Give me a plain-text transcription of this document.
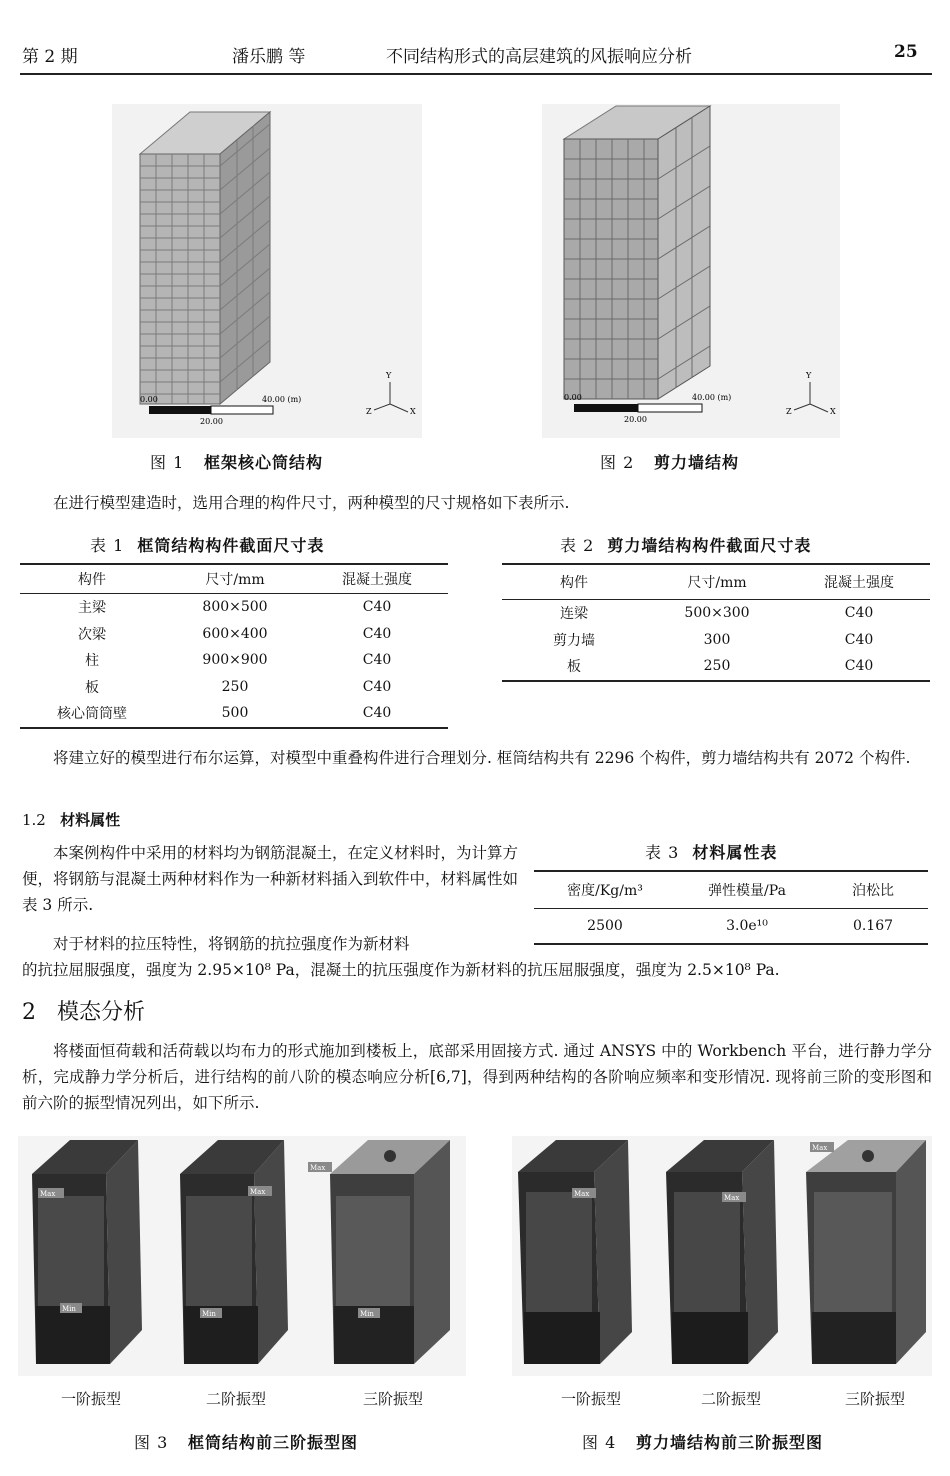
第 2 期	潘乐鹏 等	不同结构形式的高层建筑的风振响应分析	25
0.00	40.00 (m)
20.00
Y
X
Z
图 1 框架核心筒结构
0.00	40.00 (m)
20.00
Y
X
Z
图 2 剪力墙结构
在进行模型建造时，选用合理的构件尺寸，两种模型的尺寸规格如下表所示.
表 1 框筒结构构件截面尺寸表
构件	尺寸/mm	混凝土强度
主梁	800×500	C40
次梁	600×400	C40
柱	900×900	C40
板	250	C40
核心筒筒壁	500	C40
表 2 剪力墙结构构件截面尺寸表
构件	尺寸/mm	混凝土强度
连梁	500×300	C40
剪力墙	300	C40
板	250	C40
将建立好的模型进行布尔运算，对模型中重叠构件进行合理划分. 框筒结构共有 2296 个构件，剪力墙结构共有 2072 个构件.
1.2 材料属性
本案例构件中采用的材料均为钢筋混凝土，在定义材料时，为计算方便，将钢筋与混凝土两种材料作为一种新材料插入到软件中，材料属性如表 3 所示.
对于材料的拉压特性，将钢筋的抗拉强度作为新材料
的抗拉屈服强度，强度为 2.95×10⁸ Pa，混凝土的抗压强度作为新材料的抗压屈服强度，强度为 2.5×10⁸ Pa.
表 3 材料属性表
密度/Kg/m³	弹性模量/Pa	泊松比
2500	3.0e¹⁰	0.167
2 模态分析
将楼面恒荷载和活荷载以均布力的形式施加到楼板上，底部采用固接方式. 通过 ANSYS 中的 Workbench 平台，进行静力学分析，完成静力学分析后，进行结构的前八阶的模态响应分析[6,7]，得到两种结构的各阶响应频率和变形情况. 现将前三阶的变形图和前六阶的振型情况列出，如下所示.
Max
Min
Max
Min
Max
Min
一阶振型	二阶振型	三阶振型
图 3 框筒结构前三阶振型图
Max	Max
Max
一阶振型	二阶振型	三阶振型
图 4 剪力墙结构前三阶振型图
